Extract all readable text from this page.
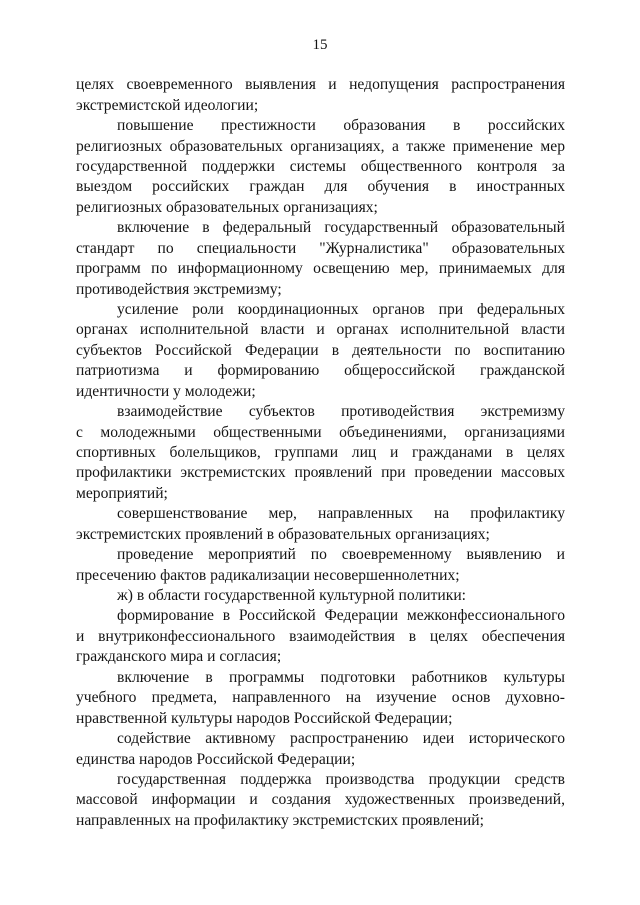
15
целях своевременного выявления и недопущения распространения
экстремистской идеологии;
повышение престижности образования в российских
религиозных образовательных организациях, а также применение мер
государственной поддержки системы общественного контроля за
выездом российских граждан для обучения в иностранных
религиозных образовательных организациях;
включение в федеральный государственный образовательный
стандарт по специальности "Журналистика" образовательных
программ по информационному освещению мер, принимаемых для
противодействия экстремизму;
усиление роли координационных органов при федеральных
органах исполнительной власти и органах исполнительной власти
субъектов Российской Федерации в деятельности по воспитанию
патриотизма и формированию общероссийской гражданской
идентичности у молодежи;
взаимодействие субъектов противодействия экстремизму
с молодежными общественными объединениями, организациями
спортивных болельщиков, группами лиц и гражданами в целях
профилактики экстремистских проявлений при проведении массовых
мероприятий;
совершенствование мер, направленных на профилактику
экстремистских проявлений в образовательных организациях;
проведение мероприятий по своевременному выявлению и
пресечению фактов радикализации несовершеннолетних;
ж) в области государственной культурной политики:
формирование в Российской Федерации межконфессионального
и внутриконфессионального взаимодействия в целях обеспечения
гражданского мира и согласия;
включение в программы подготовки работников культуры
учебного предмета, направленного на изучение основ духовно-
нравственной культуры народов Российской Федерации;
содействие активному распространению идеи исторического
единства народов Российской Федерации;
государственная поддержка производства продукции средств
массовой информации и создания художественных произведений,
направленных на профилактику экстремистских проявлений;
